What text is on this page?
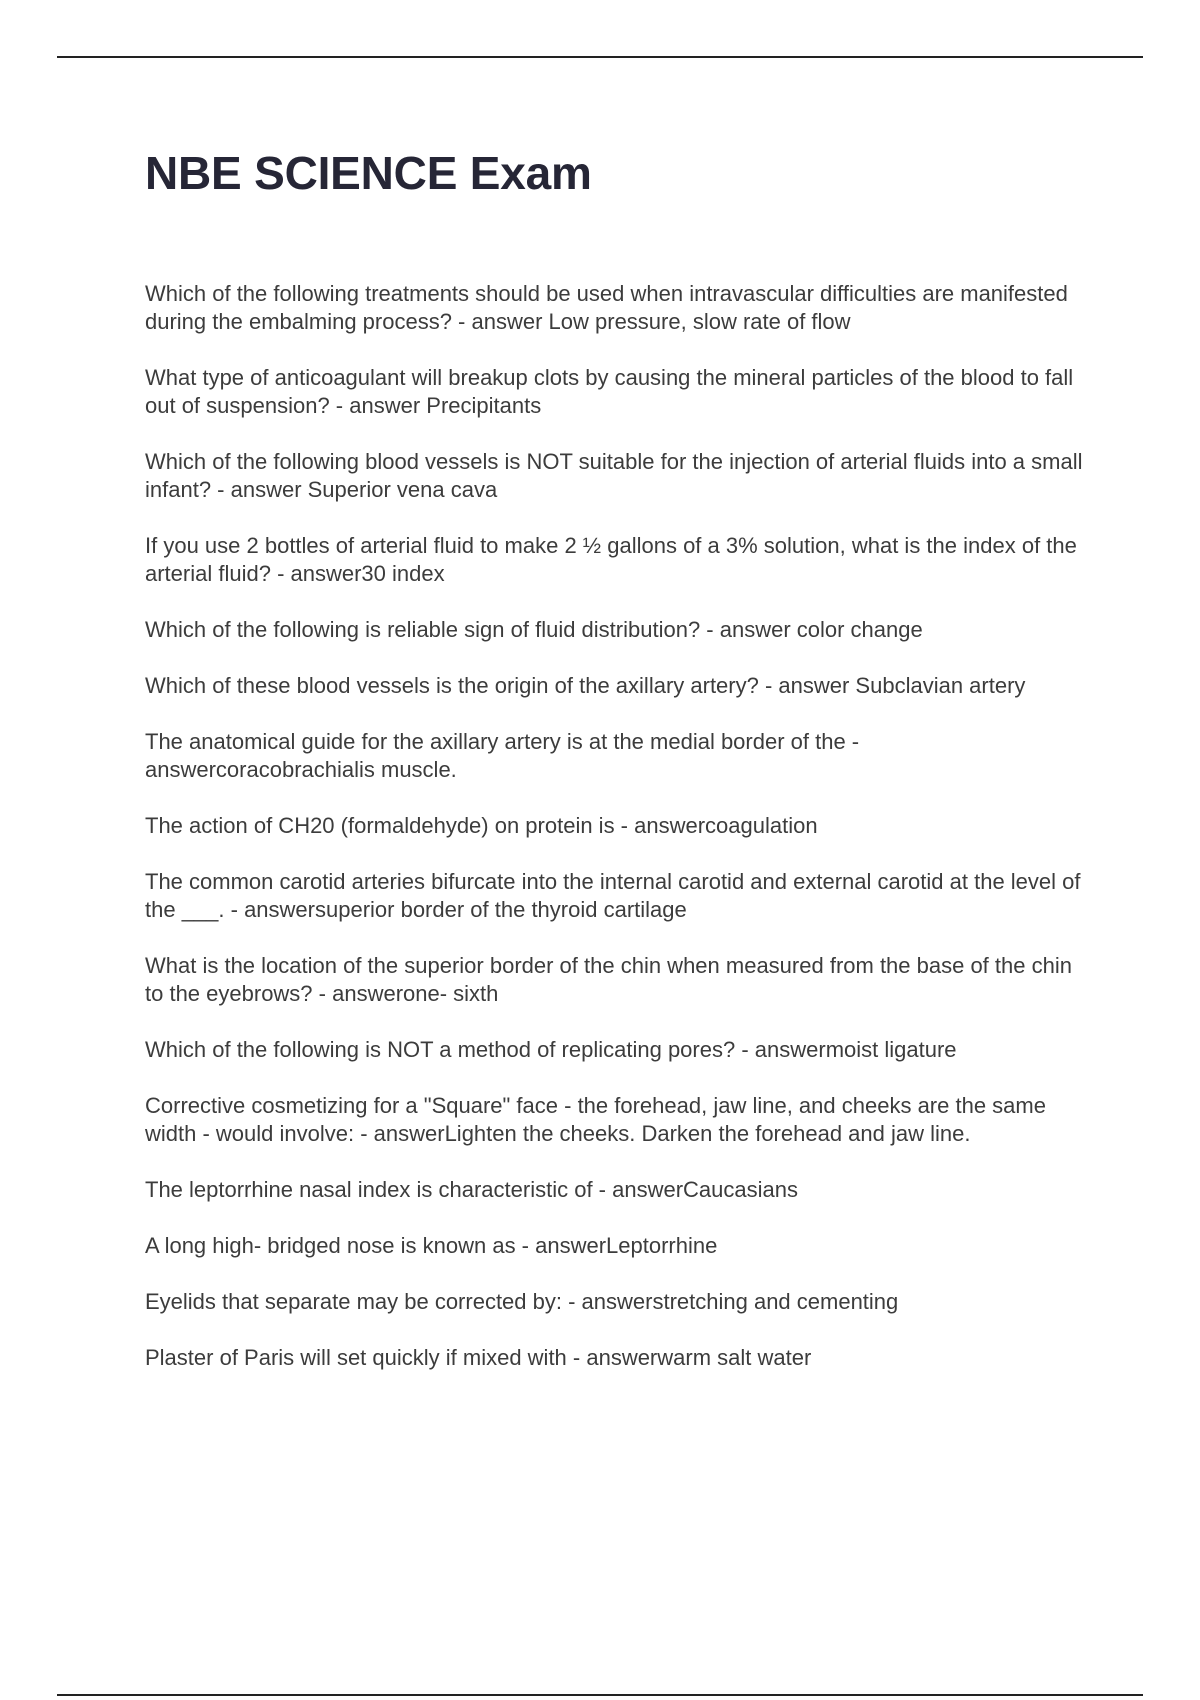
NBE SCIENCE Exam
Which of the following treatments should be used when intravascular difficulties are manifested during the embalming process? - answer Low pressure, slow rate of flow
What type of anticoagulant will breakup clots by causing the mineral particles of the blood to fall out of suspension? - answer Precipitants
Which of the following blood vessels is NOT suitable for the injection of arterial fluids into a small infant? - answer Superior vena cava
If you use 2 bottles of arterial fluid to make 2 ½ gallons of a 3% solution, what is the index of the arterial fluid? - answer30 index
Which of the following is reliable sign of fluid distribution? - answer color change
Which of these blood vessels is the origin of the axillary artery? - answer Subclavian artery
The anatomical guide for the axillary artery is at the medial border of the - answercoracobrachialis muscle.
The action of CH20 (formaldehyde) on protein is - answercoagulation
The common carotid arteries bifurcate into the internal carotid and external carotid at the level of the ___. - answersuperior border of the thyroid cartilage
What is the location of the superior border of the chin when measured from the base of the chin to the eyebrows? - answerone- sixth
Which of the following is NOT a method of replicating pores? - answermoist ligature
Corrective cosmetizing for a "Square" face - the forehead, jaw line, and cheeks are the same width - would involve: - answerLighten the cheeks. Darken the forehead and jaw line.
The leptorrhine nasal index is characteristic of - answerCaucasians
A long high- bridged nose is known as - answerLeptorrhine
Eyelids that separate may be corrected by: - answerstretching and cementing
Plaster of Paris will set quickly if mixed with - answerwarm salt water
